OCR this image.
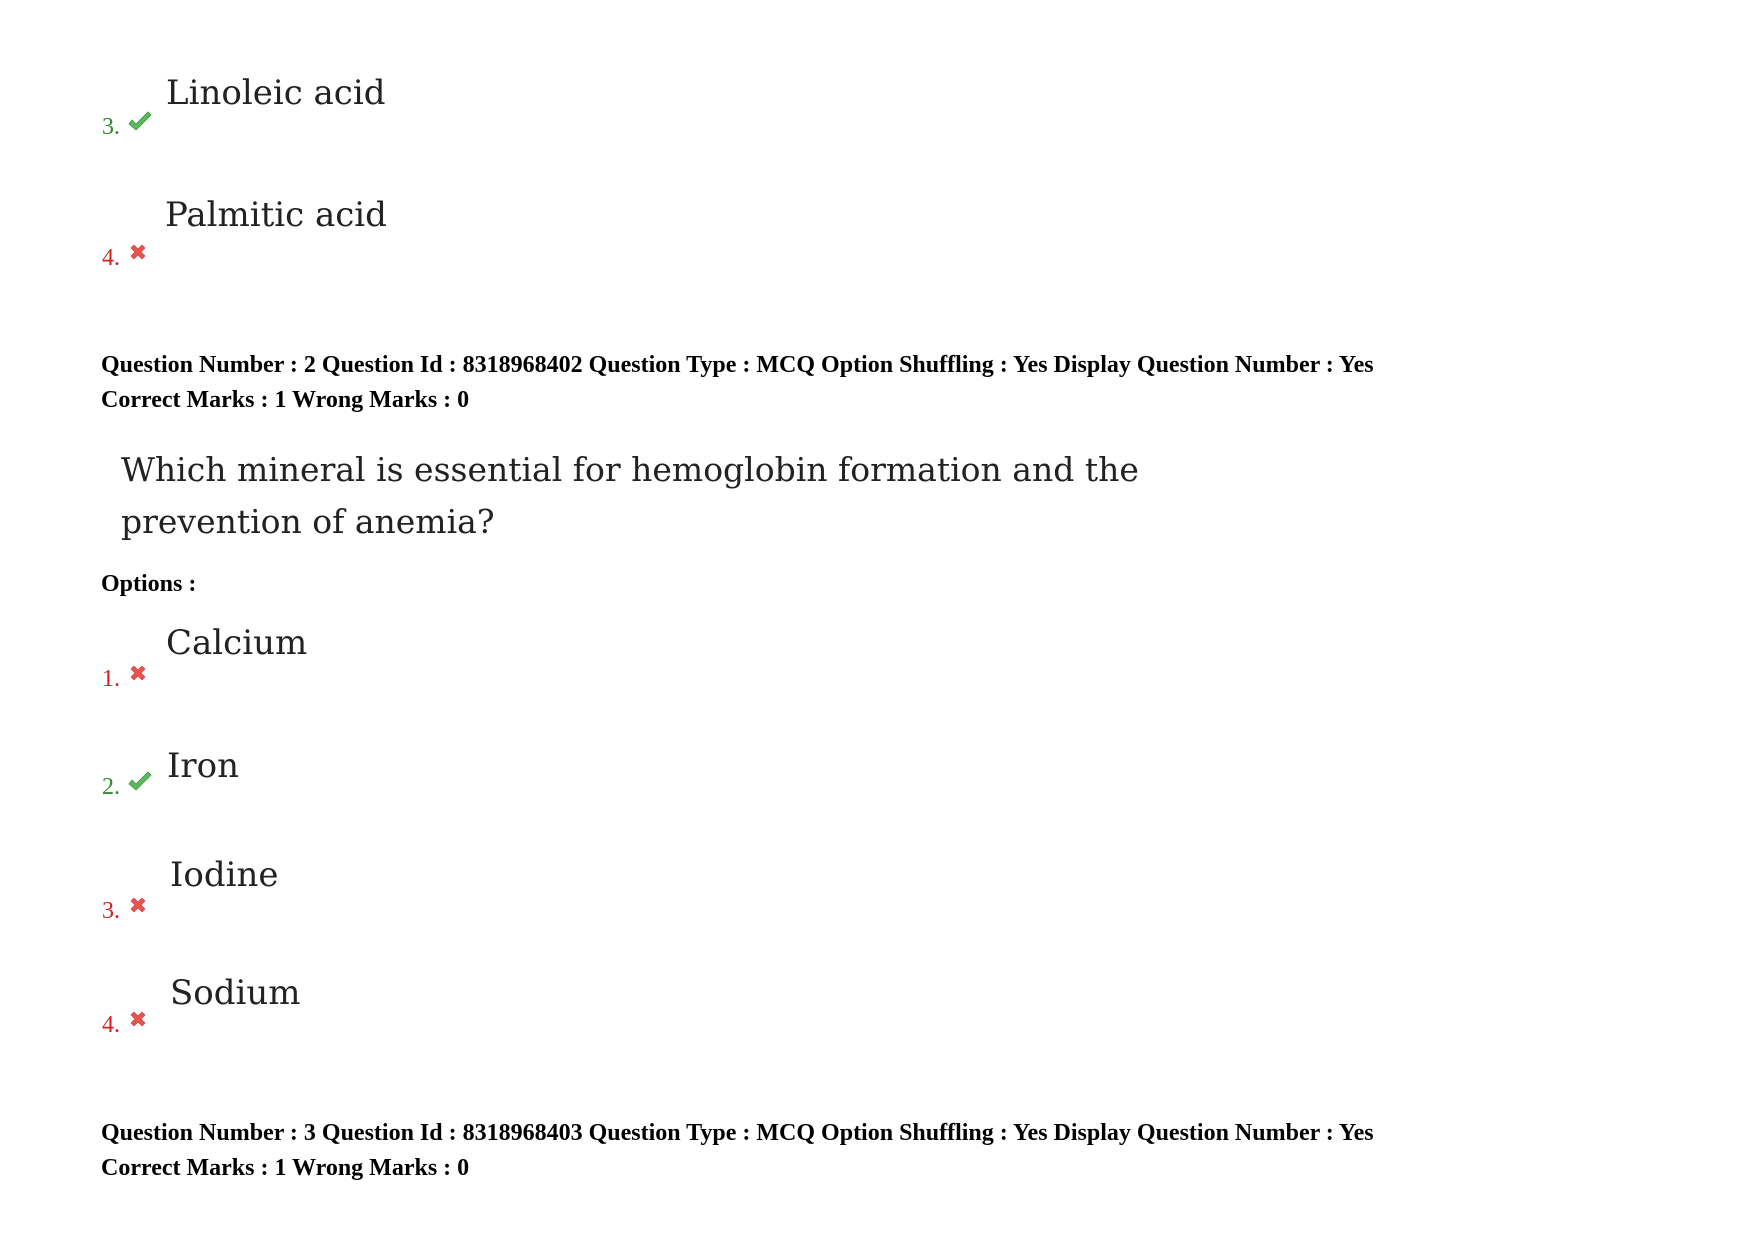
Linoleic acid
3.
Palmitic acid
4.
Question Number : 2 Question Id : 8318968402 Question Type : MCQ Option Shuffling : Yes Display Question Number : Yes
Correct Marks : 1 Wrong Marks : 0
Which mineral is essential for hemoglobin formation and the
prevention of anemia?
Options :
Calcium
1.
Iron
2.
Iodine
3.
Sodium
4.
Question Number : 3 Question Id : 8318968403 Question Type : MCQ Option Shuffling : Yes Display Question Number : Yes
Correct Marks : 1 Wrong Marks : 0
